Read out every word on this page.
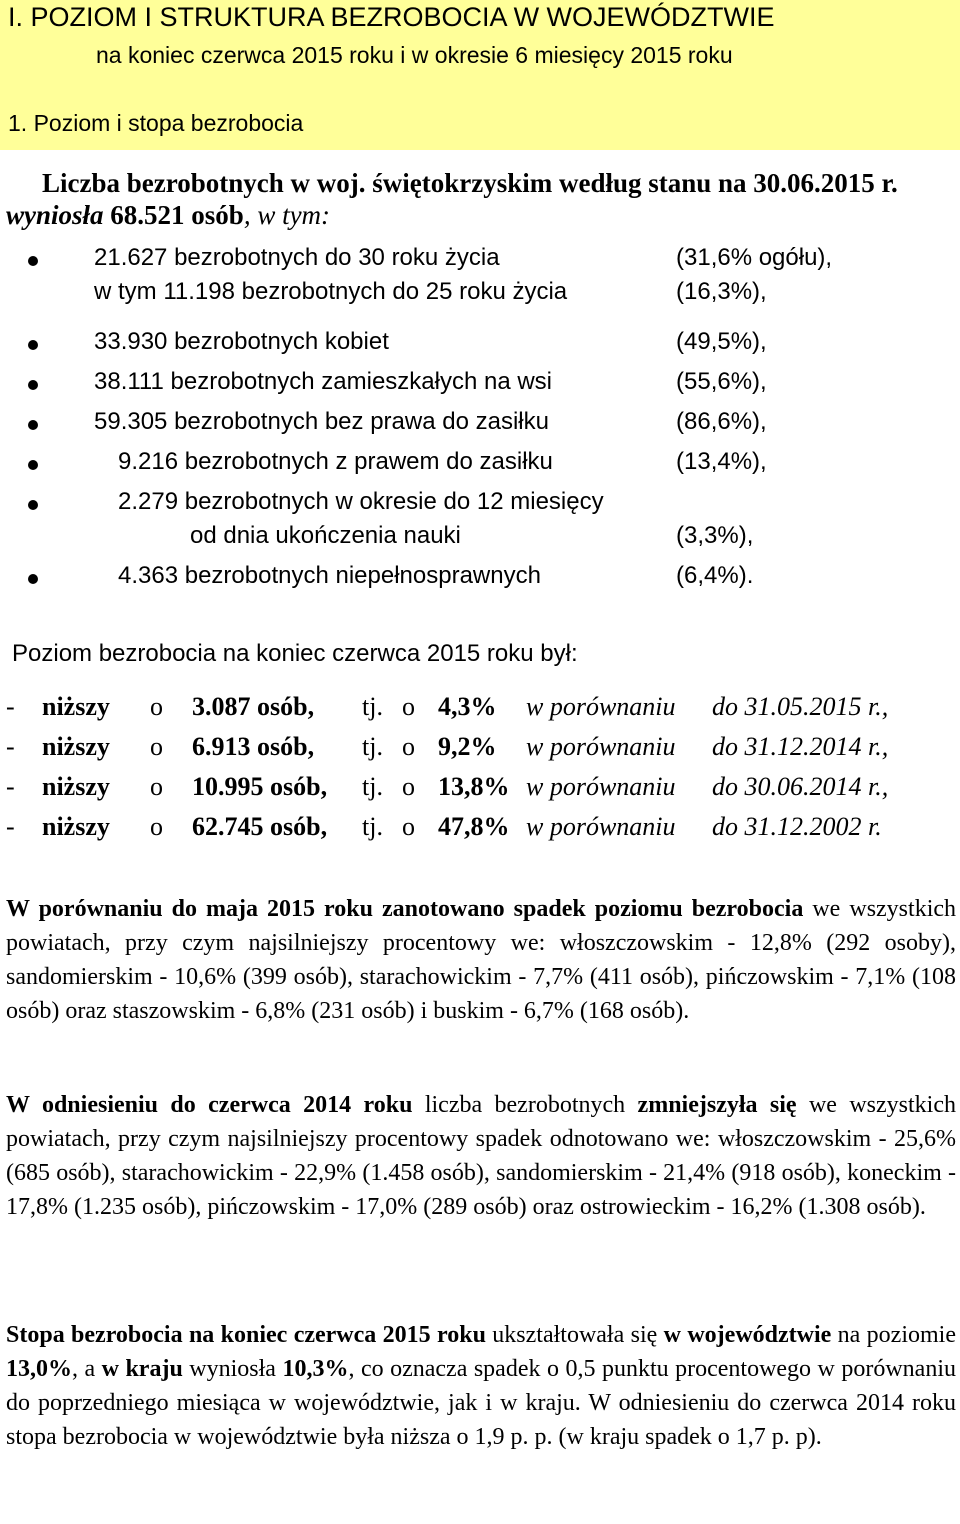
I. POZIOM I STRUKTURA BEZROBOCIA W WOJEWÓDZTWIE
na koniec czerwca 2015 roku i w okresie 6 miesięcy 2015 roku
1. Poziom i stopa bezrobocia
Liczba bezrobotnych w woj. świętokrzyskim według stanu na 30.06.2015 r.
wyniosła 68.521 osób, w tym:
21.627 bezrobotnych do 30 roku życia	(31,6% ogółu),
w tym 11.198 bezrobotnych do 25 roku życia	(16,3%),
33.930 bezrobotnych kobiet	(49,5%),
38.111 bezrobotnych zamieszkałych na wsi	(55,6%),
59.305 bezrobotnych bez prawa do zasiłku	(86,6%),
9.216 bezrobotnych z prawem do zasiłku	(13,4%),
2.279 bezrobotnych w okresie do 12 miesięcy
od dnia ukończenia nauki	(3,3%),
4.363 bezrobotnych niepełnosprawnych	(6,4%).
Poziom bezrobocia na koniec czerwca 2015 roku był:
- niższy o 3.087 osób, tj. o 4,3% w porównaniu do 31.05.2015 r.,
- niższy o 6.913 osób, tj. o 9,2% w porównaniu do 31.12.2014 r.,
- niższy o 10.995 osób, tj. o 13,8% w porównaniu do 30.06.2014 r.,
- niższy o 62.745 osób, tj. o 47,8% w porównaniu do 31.12.2002 r.

W porównaniu do maja 2015 roku zanotowano spadek poziomu bezrobocia we wszystkich powiatach, przy czym najsilniejszy procentowy we: włoszczowskim - 12,8% (292 osoby), sandomierskim - 10,6% (399 osób), starachowickim - 7,7% (411 osób), pińczowskim - 7,1% (108 osób) oraz staszowskim - 6,8% (231 osób) i buskim - 6,7% (168 osób).

W odniesieniu do czerwca 2014 roku liczba bezrobotnych zmniejszyła się we wszystkich powiatach, przy czym najsilniejszy procentowy spadek odnotowano we: włoszczowskim - 25,6% (685 osób), starachowickim - 22,9% (1.458 osób), sandomierskim - 21,4% (918 osób), koneckim - 17,8% (1.235 osób), pińczowskim - 17,0% (289 osób) oraz ostrowieckim - 16,2% (1.308 osób).

Stopa bezrobocia na koniec czerwca 2015 roku ukształtowała się w województwie na poziomie 13,0%, a w kraju wyniosła 10,3%, co oznacza spadek o 0,5 punktu procentowego w porównaniu do poprzedniego miesiąca w województwie, jak i w kraju. W odniesieniu do czerwca 2014 roku stopa bezrobocia w województwie była niższa o 1,9 p. p. (w kraju spadek o 1,7 p. p).
